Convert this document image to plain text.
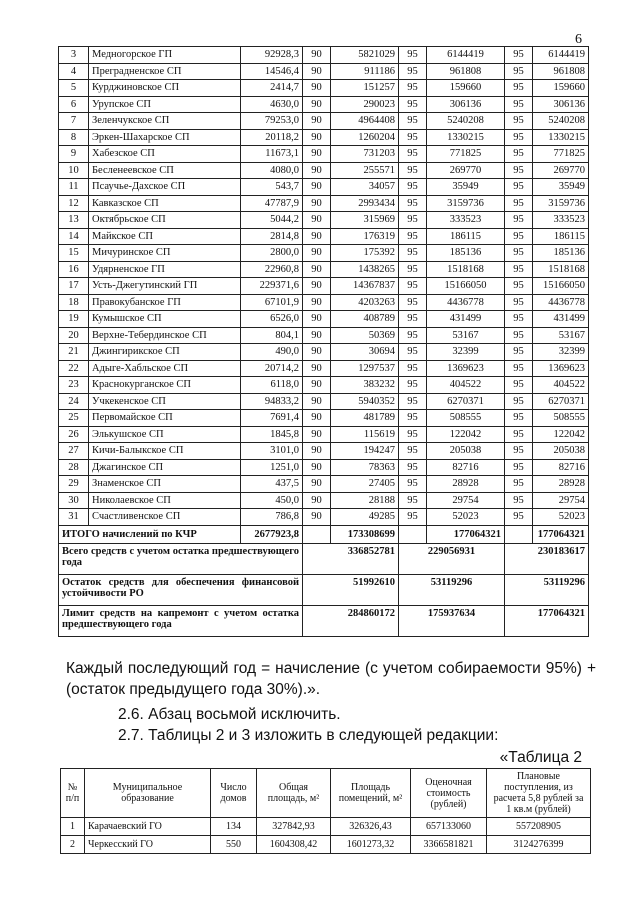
6
3	Медногорское ГП	92928,3	90	5821029	95	6144419	95	6144419
4	Преградненское СП	14546,4	90	911186	95	961808	95	961808
5	Курджиновское СП	2414,7	90	151257	95	159660	95	159660
6	Урупское СП	4630,0	90	290023	95	306136	95	306136
7	Зеленчукское СП	79253,0	90	4964408	95	5240208	95	5240208
8	Эркен-Шахарское СП	20118,2	90	1260204	95	1330215	95	1330215
9	Хабезское СП	11673,1	90	731203	95	771825	95	771825
10	Бесленеевское СП	4080,0	90	255571	95	269770	95	269770
11	Псаучье-Дахское СП	543,7	90	34057	95	35949	95	35949
12	Кавказское СП	47787,9	90	2993434	95	3159736	95	3159736
13	Октябрьское СП	5044,2	90	315969	95	333523	95	333523
14	Майкское СП	2814,8	90	176319	95	186115	95	186115
15	Мичуринское СП	2800,0	90	175392	95	185136	95	185136
16	Удярненское ГП	22960,8	90	1438265	95	1518168	95	1518168
17	Усть-Джегутинский ГП	229371,6	90	14367837	95	15166050	95	15166050
18	Правокубанское ГП	67101,9	90	4203263	95	4436778	95	4436778
19	Кумышское СП	6526,0	90	408789	95	431499	95	431499
20	Верхне-Тебердинское СП	804,1	90	50369	95	53167	95	53167
21	Джингирикское СП	490,0	90	30694	95	32399	95	32399
22	Адыге-Хабльское СП	20714,2	90	1297537	95	1369623	95	1369623
23	Краснокурганское СП	6118,0	90	383232	95	404522	95	404522
24	Учкекенское СП	94833,2	90	5940352	95	6270371	95	6270371
25	Первомайское СП	7691,4	90	481789	95	508555	95	508555
26	Элькушское СП	1845,8	90	115619	95	122042	95	122042
27	Кичи-Балыкское СП	3101,0	90	194247	95	205038	95	205038
28	Джагинское СП	1251,0	90	78363	95	82716	95	82716
29	Знаменское СП	437,5	90	27405	95	28928	95	28928
30	Николаевское СП	450,0	90	28188	95	29754	95	29754
31	Счастливенское СП	786,8	90	49285	95	52023	95	52023
ИТОГО начислений по КЧР		2677923,8		173308699		177064321		177064321
Всего средств с учетом остатка предшествующего года			336852781		229056931		230183617	
Остаток средств для обеспечения финансовой устойчивости РО			51992610		53119296		53119296	
Лимит средств на капремонт с учетом остатка предшествующего года			284860172		175937634		177064321	
Каждый последующий год = начисление (с учетом собираемости 95%) + (остаток предыдущего года 30%).».
2.6. Абзац восьмой исключить.
2.7. Таблицы 2 и 3 изложить в следующей редакции:
«Таблица 2
№ п/п	Муниципальное образование	Число домов	Общая площадь, м²	Площадь помещений, м²	Оценочная стоимость (рублей)	Плановые поступления, из расчета 5,8 рублей за 1 кв.м (рублей)
1	Карачаевский ГО	134	327842,93	326326,43	657133060	557208905
2	Черкесский ГО	550	1604308,42	1601273,32	3366581821	3124276399
